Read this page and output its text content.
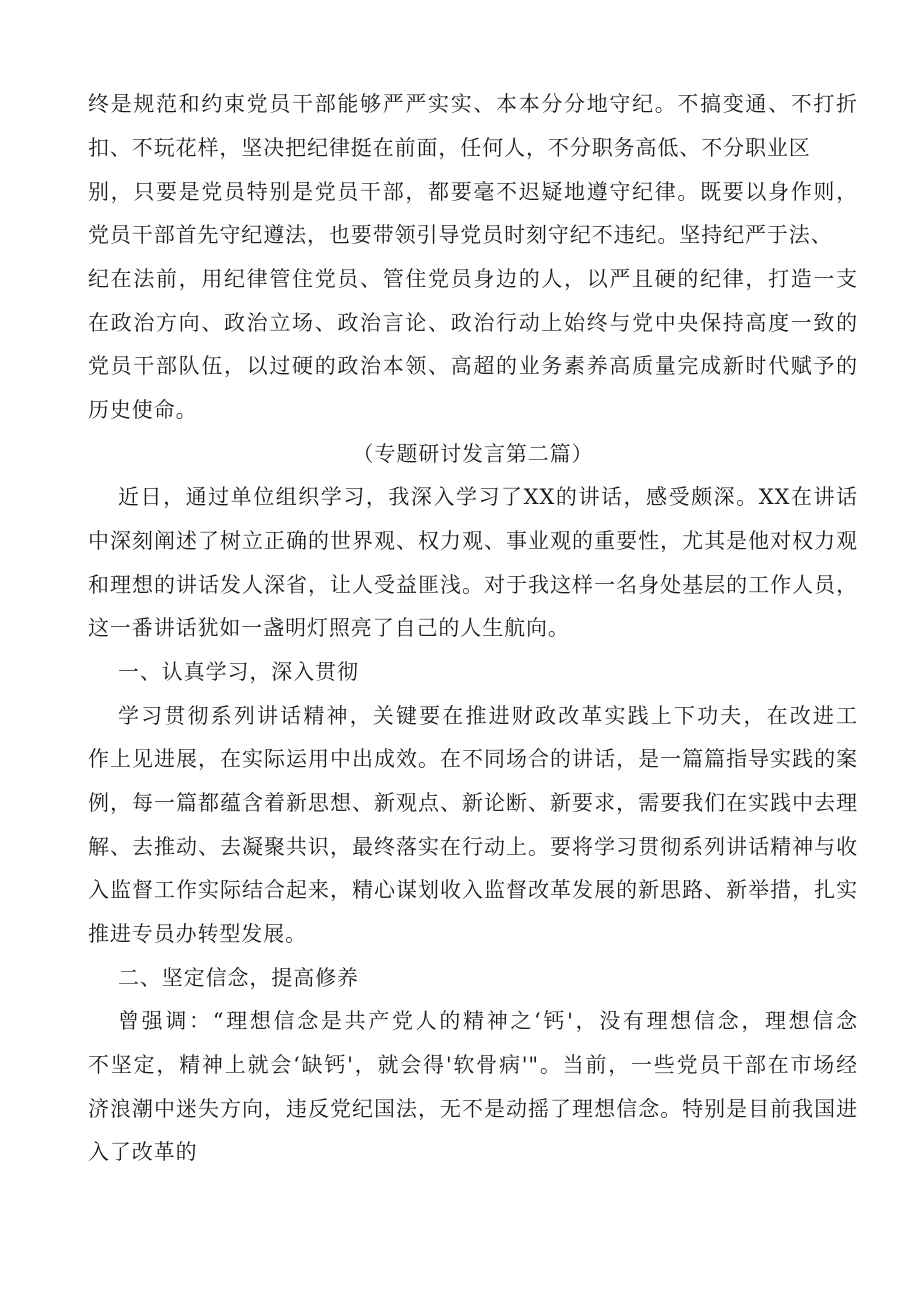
终是规范和约束党员干部能够严严实实、本本分分地守纪。不搞变通、不打折
扣、不玩花样，坚决把纪律挺在前面，任何人，不分职务高低、不分职业区
别，只要是党员特别是党员干部，都要毫不迟疑地遵守纪律。既要以身作则，
党员干部首先守纪遵法，也要带领引导党员时刻守纪不违纪。坚持纪严于法、
纪在法前，用纪律管住党员、管住党员身边的人，以严且硬的纪律，打造一支
在政治方向、政治立场、政治言论、政治行动上始终与党中央保持高度一致的
党员干部队伍，以过硬的政治本领、高超的业务素养高质量完成新时代赋予的
历史使命。
（专题研讨发言第二篇）
近日，通过单位组织学习，我深入学习了XX的讲话，感受颇深。XX在讲话
中深刻阐述了树立正确的世界观、权力观、事业观的重要性，尤其是他对权力观
和理想的讲话发人深省，让人受益匪浅。对于我这样一名身处基层的工作人员，
这一番讲话犹如一盏明灯照亮了自己的人生航向。
一、认真学习，深入贯彻
学习贯彻系列讲话精神，关键要在推进财政改革实践上下功夫，在改进工
作上见进展，在实际运用中出成效。在不同场合的讲话，是一篇篇指导实践的案
例，每一篇都蕴含着新思想、新观点、新论断、新要求，需要我们在实践中去理
解、去推动、去凝聚共识，最终落实在行动上。要将学习贯彻系列讲话精神与收
入监督工作实际结合起来，精心谋划收入监督改革发展的新思路、新举措，扎实
推进专员办转型发展。
二、坚定信念，提高修养
曾强调：“理想信念是共产党人的精神之‘钙'，没有理想信念，理想信念
不坚定，精神上就会‘缺钙'，就会得'软骨病'"。当前，一些党员干部在市场经
济浪潮中迷失方向，违反党纪国法，无不是动摇了理想信念。特别是目前我国进
入了改革的
